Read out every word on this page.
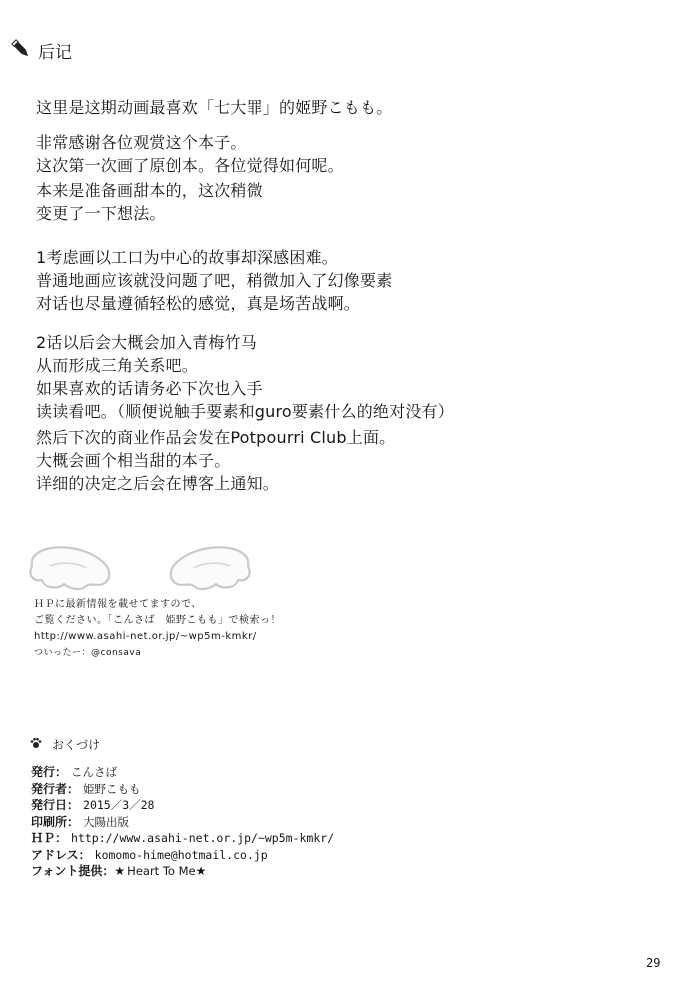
后记
这里是这期动画最喜欢「七大罪」的姬野こもも。
非常感谢各位观赏这个本子。
这次第一次画了原创本。各位觉得如何呢。
本来是准备画甜本的，这次稍微
变更了一下想法。
1考虑画以工口为中心的故事却深感困难。
普通地画应该就没问题了吧，稍微加入了幻像要素
对话也尽量遵循轻松的感觉，真是场苦战啊。
2话以后会大概会加入青梅竹马
从而形成三角关系吧。
如果喜欢的话请务必下次也入手
读读看吧。（顺便说触手要素和guro要素什么的绝对没有）
然后下次的商业作品会发在Potpourri Club上面。
大概会画个相当甜的本子。
详细的决定之后会在博客上通知。
ＨＰに最新情報を載せてますので、
ご覧ください。「こんさば　姫野こもも」で検索っ！
http://www.asahi-net.or.jp/~wp5m-kmkr/
ついったー：@consava
おくづけ
発行： こんさば
発行者： 姫野こもも
発行日： 2015／3／28
印刷所： 大陽出版
ＨＰ： http://www.asahi-net.or.jp/~wp5m-kmkr/
アドレス： komomo-hime@hotmail.co.jp
フォント提供：★ Heart To Me★
29
